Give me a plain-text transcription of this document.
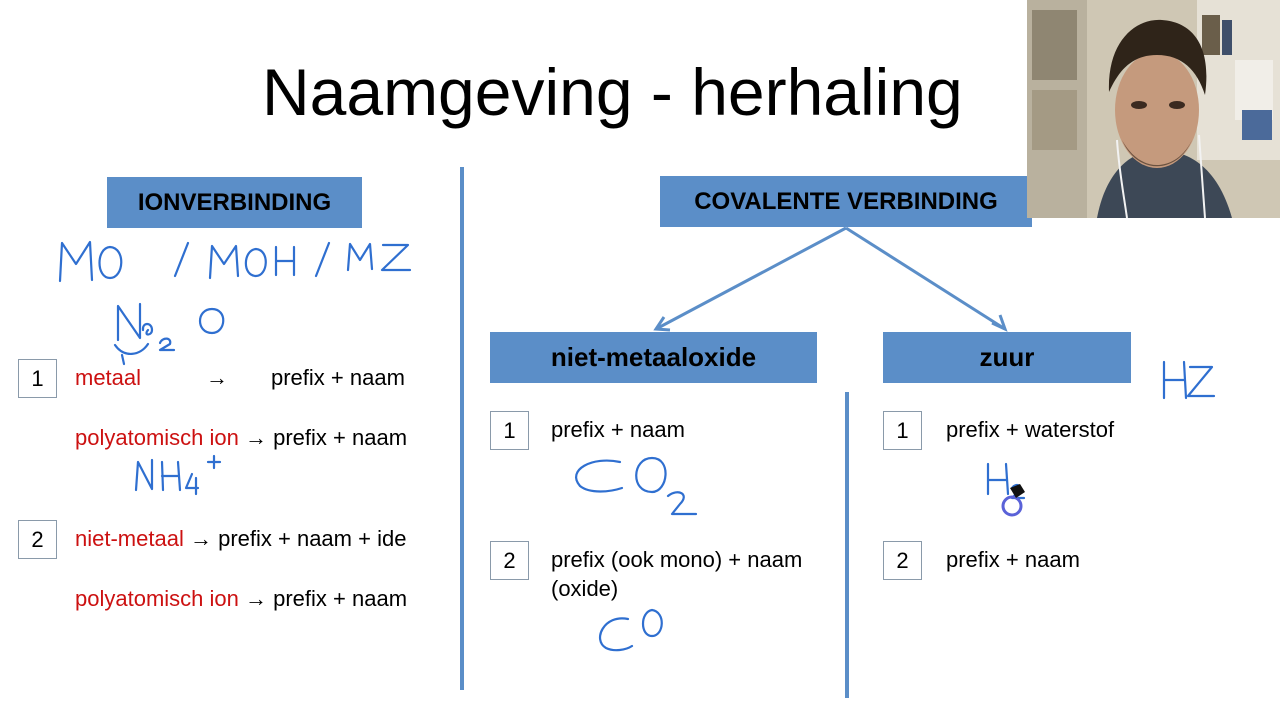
Naamgeving - herhaling
IONVERBINDING
1	metaal	→ prefix + naam
polyatomisch ion → prefix + naam
2	niet-metaal → prefix + naam + ide
polyatomisch ion → prefix + naam
COVALENTE VERBINDING
niet-metaaloxide	zuur
1	prefix + naam
2	prefix (ook mono) + naam
(oxide)
1	prefix + waterstof
2	prefix + naam
